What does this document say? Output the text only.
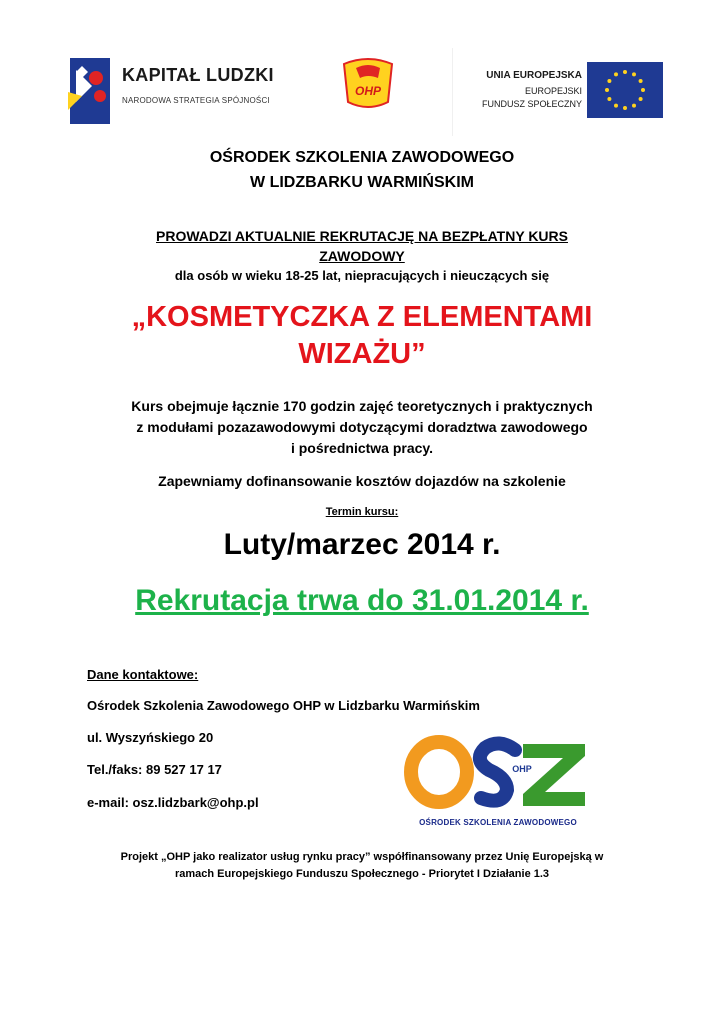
KAPITAŁ LUDZKI
NARODOWA STRATEGIA SPÓJNOŚCI
OHP
UNIA EUROPEJSKA
EUROPEJSKI
FUNDUSZ SPOŁECZNY
OŚRODEK SZKOLENIA ZAWODOWEGO
W LIDZBARKU WARMIŃSKIM
PROWADZI AKTUALNIE REKRUTACJĘ NA BEZPŁATNY KURS
ZAWODOWY
dla osób w wieku 18-25 lat, niepracujących i nieuczących się
„KOSMETYCZKA Z ELEMENTAMI
WIZAŻU”
Kurs obejmuje łącznie 170 godzin zajęć teoretycznych i praktycznych
z modułami pozazawodowymi dotyczącymi doradztwa zawodowego
i pośrednictwa pracy.
Zapewniamy dofinansowanie kosztów dojazdów na szkolenie
Termin kursu:
Luty/marzec 2014 r.
Rekrutacja trwa do 31.01.2014 r.
Dane kontaktowe:
Ośrodek Szkolenia Zawodowego OHP w Lidzbarku Warmińskim
ul. Wyszyńskiego 20
Tel./faks: 89 527 17 17
e-mail: osz.lidzbark@ohp.pl
OHP
OŚRODEK SZKOLENIA ZAWODOWEGO
Projekt „OHP jako realizator usług rynku pracy” współfinansowany przez Unię Europejską w
ramach Europejskiego Funduszu Społecznego - Priorytet I Działanie 1.3
